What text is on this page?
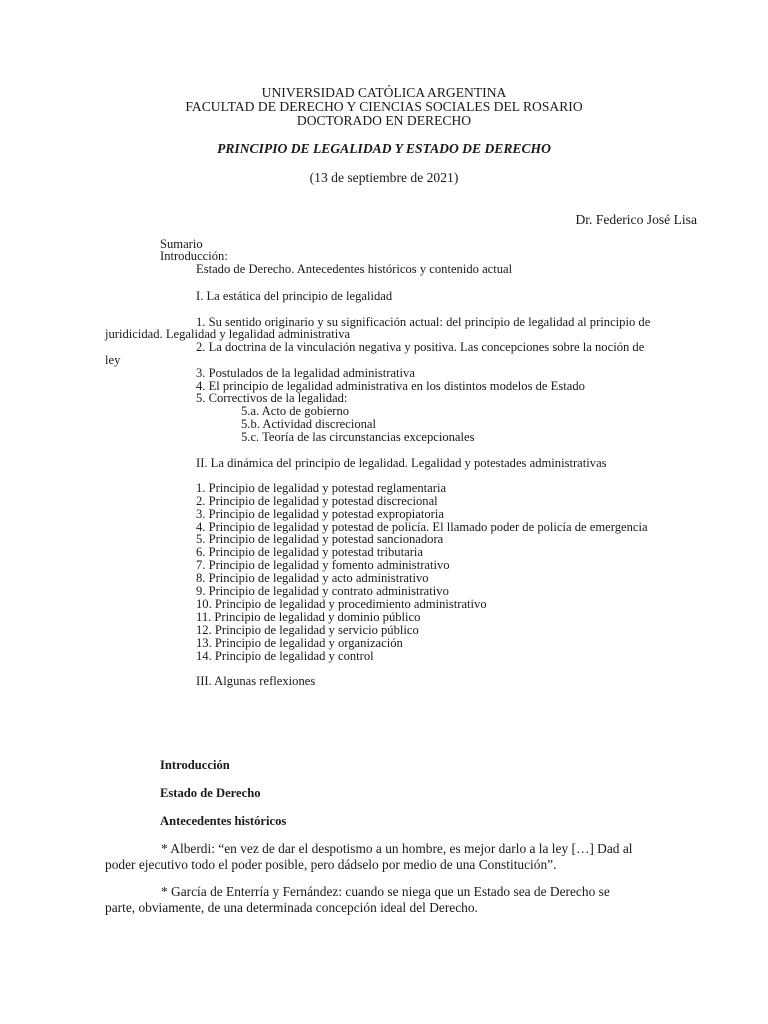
UNIVERSIDAD CATÓLICA ARGENTINA
FACULTAD DE DERECHO Y CIENCIAS SOCIALES DEL ROSARIO
DOCTORADO EN DERECHO
PRINCIPIO DE LEGALIDAD Y ESTADO DE DERECHO
(13 de septiembre de 2021)
Dr. Federico José Lisa
Sumario
Introducción:
Estado de Derecho. Antecedentes históricos y contenido actual
I. La estática del principio de legalidad
1. Su sentido originario y su significación actual: del principio de legalidad al principio de
juridicidad. Legalidad y legalidad administrativa
2. La doctrina de la vinculación negativa y positiva. Las concepciones sobre la noción de
ley
3. Postulados de la legalidad administrativa
4. El principio de legalidad administrativa en los distintos modelos de Estado
5. Correctivos de la legalidad:
5.a. Acto de gobierno
5.b. Actividad discrecional
5.c. Teoría de las circunstancias excepcionales
II. La dinámica del principio de legalidad. Legalidad y potestades administrativas
1. Principio de legalidad y potestad reglamentaria
2. Principio de legalidad y potestad discrecional
3. Principio de legalidad y potestad expropiatoria
4. Principio de legalidad y potestad de policía. El llamado poder de policía de emergencia
5. Principio de legalidad y potestad sancionadora
6. Principio de legalidad y potestad tributaria
7. Principio de legalidad y fomento administrativo
8. Principio de legalidad y acto administrativo
9. Principio de legalidad y contrato administrativo
10. Principio de legalidad y procedimiento administrativo
11. Principio de legalidad y dominio público
12. Principio de legalidad y servicio público
13. Principio de legalidad y organización
14. Principio de legalidad y control
III. Algunas reflexiones
Introducción
Estado de Derecho
Antecedentes históricos
* Alberdi: “en vez de dar el despotismo a un hombre, es mejor darlo a la ley […] Dad al
poder ejecutivo todo el poder posible, pero dádselo por medio de una Constitución”.
* García de Enterría y Fernández: cuando se niega que un Estado sea de Derecho se
parte, obviamente, de una determinada concepción ideal del Derecho.
